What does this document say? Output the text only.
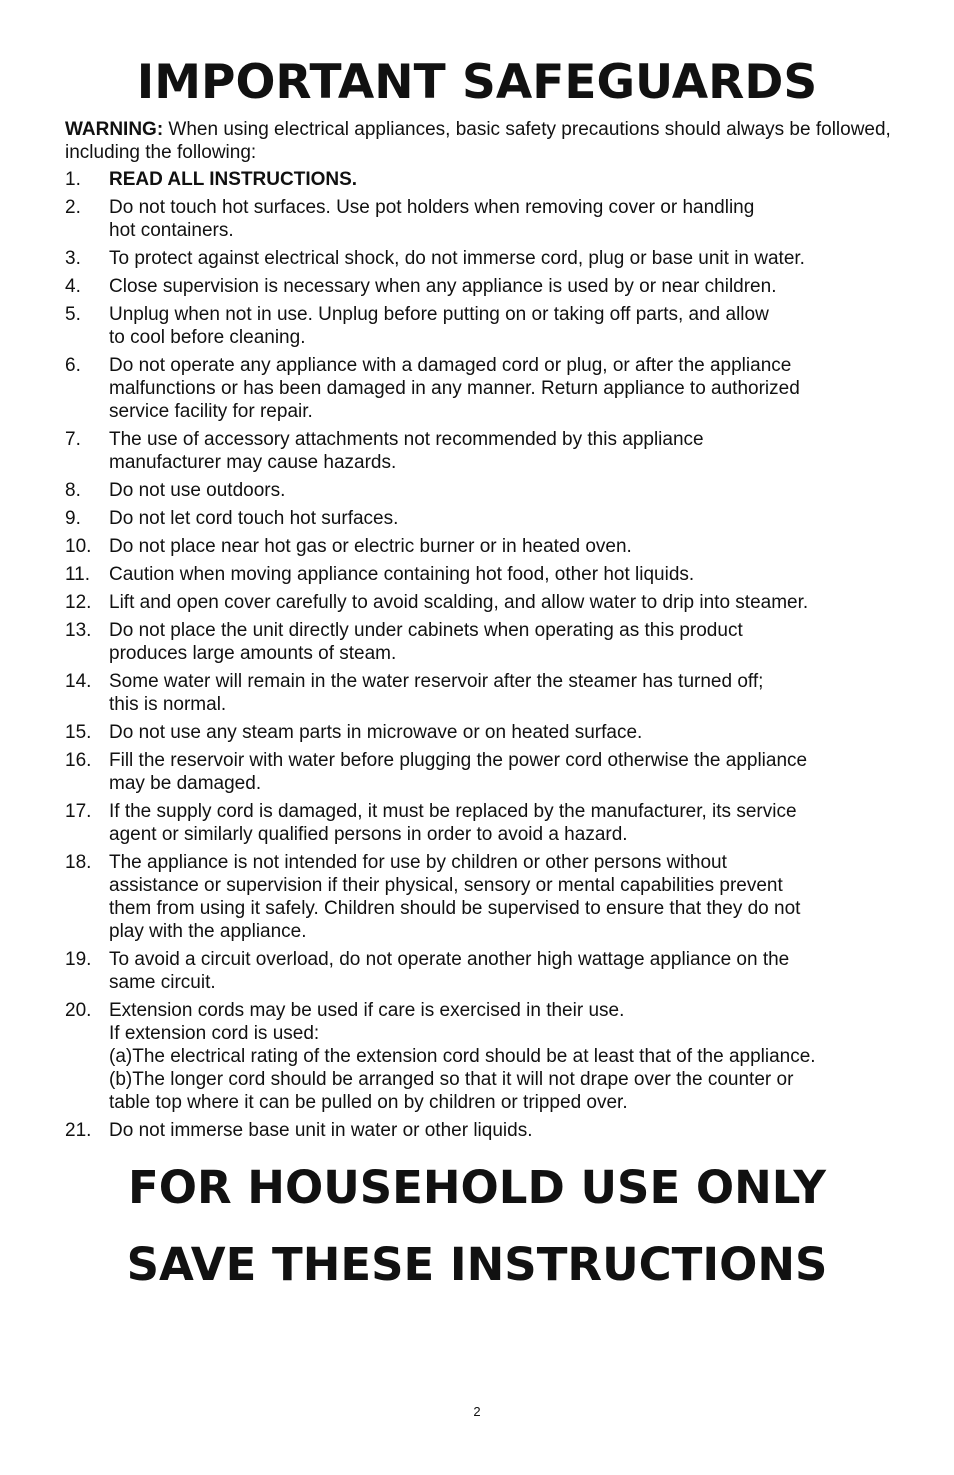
IMPORTANT SAFEGUARDS

WARNING: When using electrical appliances, basic safety precautions should always be followed, including the following:

1. READ ALL INSTRUCTIONS.
2. Do not touch hot surfaces. Use pot holders when removing cover or handling
hot containers.
3. To protect against electrical shock, do not immerse cord, plug or base unit in water.
4. Close supervision is necessary when any appliance is used by or near children.
5. Unplug when not in use. Unplug before putting on or taking off parts, and allow
to cool before cleaning.
6. Do not operate any appliance with a damaged cord or plug, or after the appliance
malfunctions or has been damaged in any manner. Return appliance to authorized
service facility for repair.
7. The use of accessory attachments not recommended by this appliance
manufacturer may cause hazards.
8. Do not use outdoors.
9. Do not let cord touch hot surfaces.
10. Do not place near hot gas or electric burner or in heated oven.
11. Caution when moving appliance containing hot food, other hot liquids.
12. Lift and open cover carefully to avoid scalding, and allow water to drip into steamer.
13. Do not place the unit directly under cabinets when operating as this product
produces large amounts of steam.
14. Some water will remain in the water reservoir after the steamer has turned off;
this is normal.
15. Do not use any steam parts in microwave or on heated surface.
16. Fill the reservoir with water before plugging the power cord otherwise the appliance
may be damaged.
17. If the supply cord is damaged, it must be replaced by the manufacturer, its service
agent or similarly qualified persons in order to avoid a hazard.
18. The appliance is not intended for use by children or other persons without
assistance or supervision if their physical, sensory or mental capabilities prevent
them from using it safely. Children should be supervised to ensure that they do not
play with the appliance.
19. To avoid a circuit overload, do not operate another high wattage appliance on the
same circuit.
20. Extension cords may be used if care is exercised in their use.
If extension cord is used:
(a)The electrical rating of the extension cord should be at least that of the appliance.
(b)The longer cord should be arranged so that it will not drape over the counter or
table top where it can be pulled on by children or tripped over.
21. Do not immerse base unit in water or other liquids.
FOR HOUSEHOLD USE ONLY
SAVE THESE INSTRUCTIONS
2
